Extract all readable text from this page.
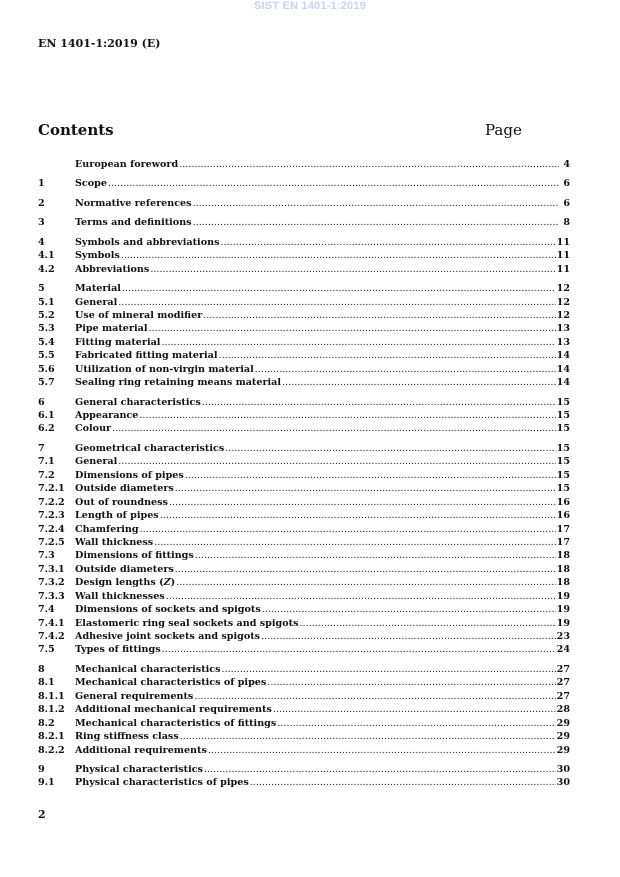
SIST EN 1401-1:2019
EN 1401-1:2019 (E)
Contents	Page
European foreword .....	4
1	Scope .....	6
2	Normative references .....	6
3	Terms and definitions .....	8
4	Symbols and abbreviations .....	11
4.1	Symbols .....	11
4.2	Abbreviations .....	11
5	Material .....	12
5.1	General .....	12
5.2	Use of mineral modifier .....	12
5.3	Pipe material .....	13
5.4	Fitting material .....	13
5.5	Fabricated fitting material .....	14
5.6	Utilization of non-virgin material .....	14
5.7	Sealing ring retaining means material .....	14
6	General characteristics .....	15
6.1	Appearance .....	15
6.2	Colour .....	15
7	Geometrical characteristics .....	15
7.1	General .....	15
7.2	Dimensions of pipes .....	15
7.2.1	Outside diameters .....	15
7.2.2	Out of roundness .....	16
7.2.3	Length of pipes .....	16
7.2.4	Chamfering .....	17
7.2.5	Wall thickness .....	17
7.3	Dimensions of fittings .....	18
7.3.1	Outside diameters .....	18
7.3.2	Design lengths (Z) .....	18
7.3.3	Wall thicknesses .....	19
7.4	Dimensions of sockets and spigots .....	19
7.4.1	Elastomeric ring seal sockets and spigots .....	19
7.4.2	Adhesive joint sockets and spigots .....	23
7.5	Types of fittings .....	24
8	Mechanical characteristics .....	27
8.1	Mechanical characteristics of pipes .....	27
8.1.1	General requirements .....	27
8.1.2	Additional mechanical requirements .....	28
8.2	Mechanical characteristics of fittings .....	29
8.2.1	Ring stiffness class .....	29
8.2.2	Additional requirements .....	29
9	Physical characteristics .....	30
9.1	Physical characteristics of pipes .....	30
2
